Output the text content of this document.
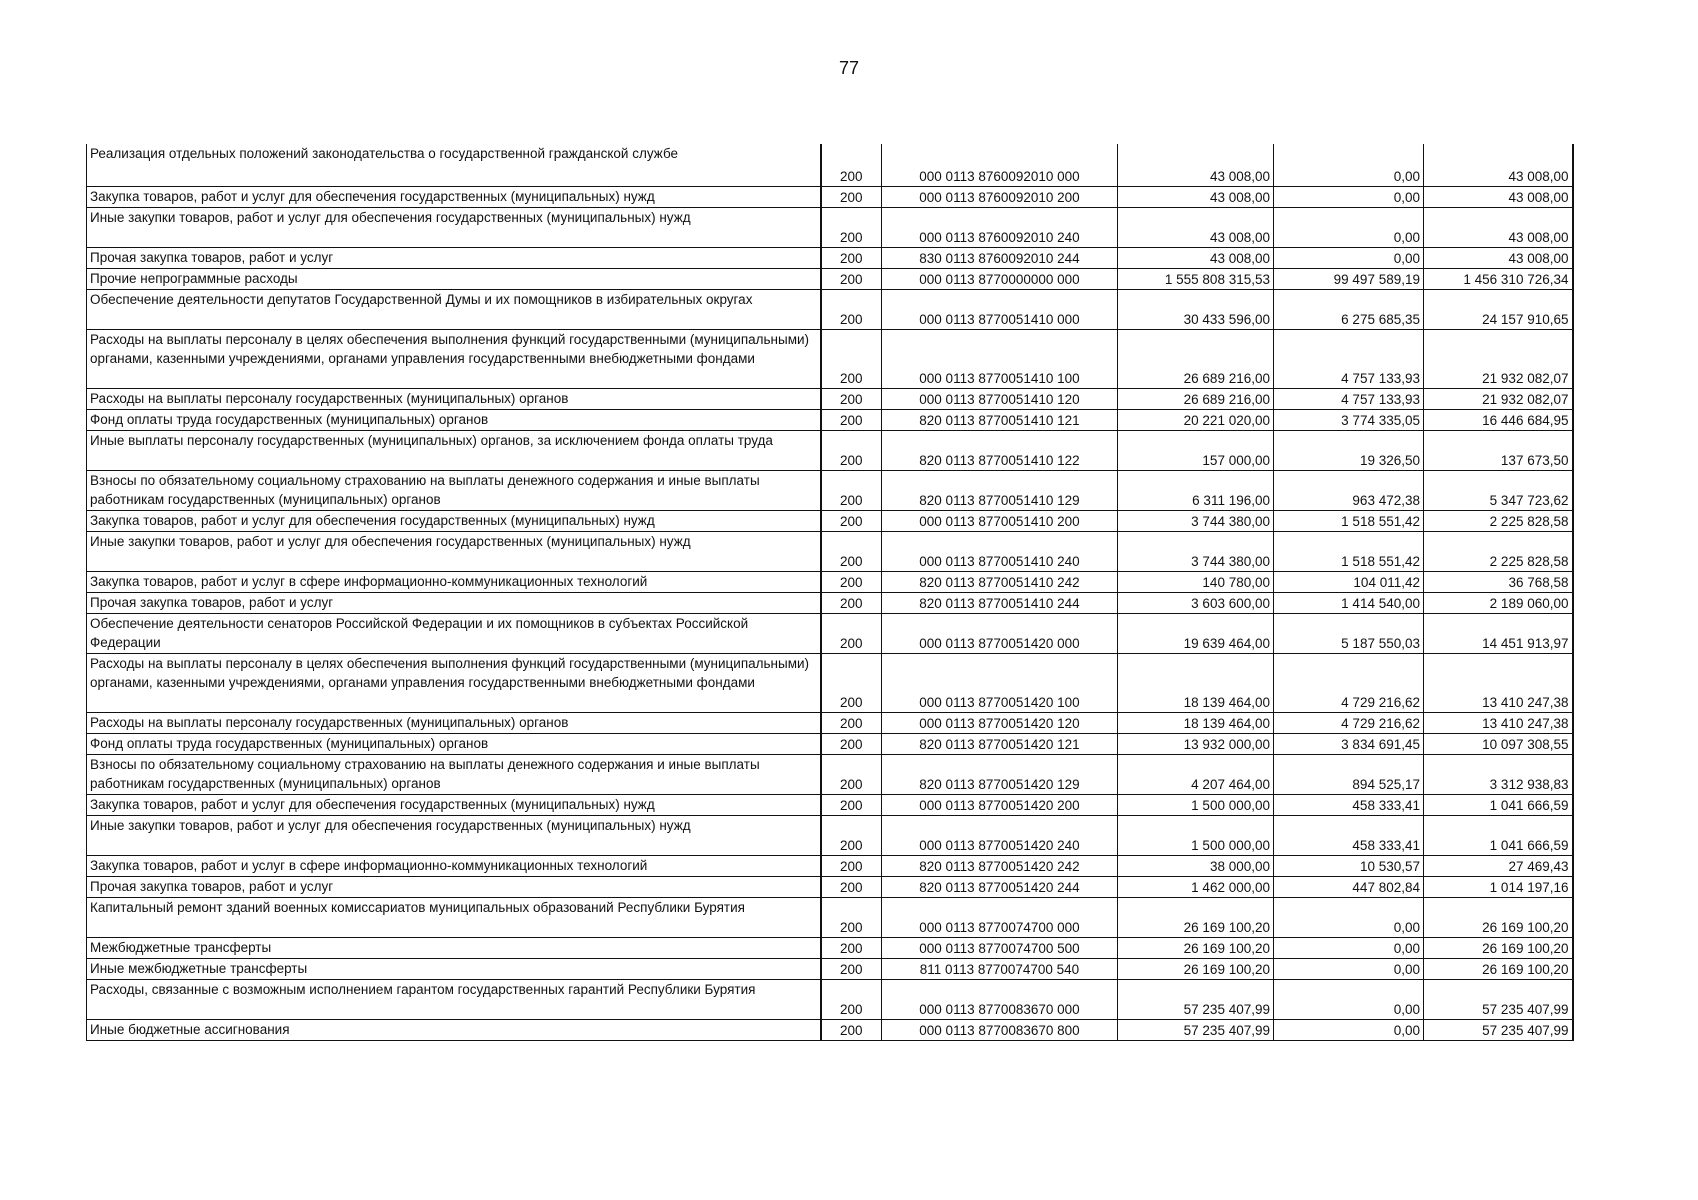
77
Реализация отдельных положений законодательства о государственной гражданской службе	200	000 0113 8760092010 000	43 008,00	0,00	43 008,00
Закупка товаров, работ и услуг для обеспечения государственных (муниципальных) нужд	200	000 0113 8760092010 200	43 008,00	0,00	43 008,00
Иные закупки товаров, работ и услуг для обеспечения государственных (муниципальных) нужд	200	000 0113 8760092010 240	43 008,00	0,00	43 008,00
Прочая закупка товаров, работ и услуг	200	830 0113 8760092010 244	43 008,00	0,00	43 008,00
Прочие непрограммные расходы	200	000 0113 8770000000 000	1 555 808 315,53	99 497 589,19	1 456 310 726,34
Обеспечение деятельности депутатов Государственной Думы и их помощников в избирательных округах	200	000 0113 8770051410 000	30 433 596,00	6 275 685,35	24 157 910,65
Расходы на выплаты персоналу в целях обеспечения выполнения функций государственными (муниципальными) органами, казенными учреждениями, органами управления государственными внебюджетными фондами	200	000 0113 8770051410 100	26 689 216,00	4 757 133,93	21 932 082,07
Расходы на выплаты персоналу государственных (муниципальных) органов	200	000 0113 8770051410 120	26 689 216,00	4 757 133,93	21 932 082,07
Фонд оплаты труда государственных (муниципальных) органов	200	820 0113 8770051410 121	20 221 020,00	3 774 335,05	16 446 684,95
Иные выплаты персоналу государственных (муниципальных) органов, за исключением фонда оплаты труда	200	820 0113 8770051410 122	157 000,00	19 326,50	137 673,50
Взносы по обязательному социальному страхованию на выплаты денежного содержания и иные выплаты работникам государственных (муниципальных) органов	200	820 0113 8770051410 129	6 311 196,00	963 472,38	5 347 723,62
Закупка товаров, работ и услуг для обеспечения государственных (муниципальных) нужд	200	000 0113 8770051410 200	3 744 380,00	1 518 551,42	2 225 828,58
Иные закупки товаров, работ и услуг для обеспечения государственных (муниципальных) нужд	200	000 0113 8770051410 240	3 744 380,00	1 518 551,42	2 225 828,58
Закупка товаров, работ и услуг в сфере информационно-коммуникационных технологий	200	820 0113 8770051410 242	140 780,00	104 011,42	36 768,58
Прочая закупка товаров, работ и услуг	200	820 0113 8770051410 244	3 603 600,00	1 414 540,00	2 189 060,00
Обеспечение деятельности сенаторов Российской Федерации и их помощников в субъектах Российской Федерации	200	000 0113 8770051420 000	19 639 464,00	5 187 550,03	14 451 913,97
Расходы на выплаты персоналу в целях обеспечения выполнения функций государственными (муниципальными) органами, казенными учреждениями, органами управления государственными внебюджетными фондами	200	000 0113 8770051420 100	18 139 464,00	4 729 216,62	13 410 247,38
Расходы на выплаты персоналу государственных (муниципальных) органов	200	000 0113 8770051420 120	18 139 464,00	4 729 216,62	13 410 247,38
Фонд оплаты труда государственных (муниципальных) органов	200	820 0113 8770051420 121	13 932 000,00	3 834 691,45	10 097 308,55
Взносы по обязательному социальному страхованию на выплаты денежного содержания и иные выплаты работникам государственных (муниципальных) органов	200	820 0113 8770051420 129	4 207 464,00	894 525,17	3 312 938,83
Закупка товаров, работ и услуг для обеспечения государственных (муниципальных) нужд	200	000 0113 8770051420 200	1 500 000,00	458 333,41	1 041 666,59
Иные закупки товаров, работ и услуг для обеспечения государственных (муниципальных) нужд	200	000 0113 8770051420 240	1 500 000,00	458 333,41	1 041 666,59
Закупка товаров, работ и услуг в сфере информационно-коммуникационных технологий	200	820 0113 8770051420 242	38 000,00	10 530,57	27 469,43
Прочая закупка товаров, работ и услуг	200	820 0113 8770051420 244	1 462 000,00	447 802,84	1 014 197,16
Капитальный ремонт зданий военных комиссариатов муниципальных образований Республики Бурятия	200	000 0113 8770074700 000	26 169 100,20	0,00	26 169 100,20
Межбюджетные трансферты	200	000 0113 8770074700 500	26 169 100,20	0,00	26 169 100,20
Иные межбюджетные трансферты	200	811 0113 8770074700 540	26 169 100,20	0,00	26 169 100,20
Расходы, связанные с возможным исполнением гарантом государственных гарантий Республики Бурятия	200	000 0113 8770083670 000	57 235 407,99	0,00	57 235 407,99
Иные бюджетные ассигнования	200	000 0113 8770083670 800	57 235 407,99	0,00	57 235 407,99
